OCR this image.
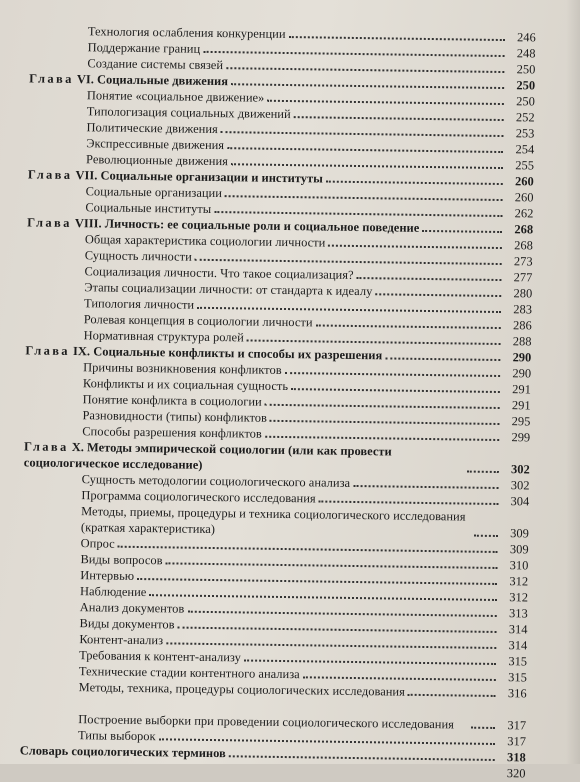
Технология ослабления конкуренции	246
Поддержание границ	248
Создание системы связей	250
Глава VI. Социальные движения	250
Понятие «социальное движение»	250
Типологизация социальных движений	252
Политические движения	253
Экспрессивные движения	254
Революционные движения	255
Глава VII. Социальные организации и институты	260
Социальные организации	260
Социальные институты	262
Глава VIII. Личность: ее социальные роли и социальное поведение	268
Общая характеристика социологии личности	268
Сущность личности	273
Социализация личности. Что такое социализация?	277
Этапы социализации личности: от стандарта к идеалу	280
Типология личности	283
Ролевая концепция в социологии личности	286
Нормативная структура ролей	288
Глава IX. Социальные конфликты и способы их разрешения	290
Причины возникновения конфликтов	290
Конфликты и их социальная сущность	291
Понятие конфликта в социологии	291
Разновидности (типы) конфликтов	295
Способы разрешения конфликтов	299
Глава X. Методы эмпирической социологии (или как провести социологическое исследование)	302
Сущность методологии социологического анализа	302
Программа социологического исследования	304
Методы, приемы, процедуры и техника социологического исследования (краткая характеристика)	309
Опрос	309
Виды вопросов	310
Интервью	312
Наблюдение	312
Анализ документов	313
Виды документов	314
Контент-анализ	314
Требования к контент-анализу	315
Технические стадии контентного анализа	315
Методы, техника, процедуры социологических исследования	316
Построение выборки при проведении социологического исследования	317
Типы выборок	317
Словарь социологических терминов	318
320
